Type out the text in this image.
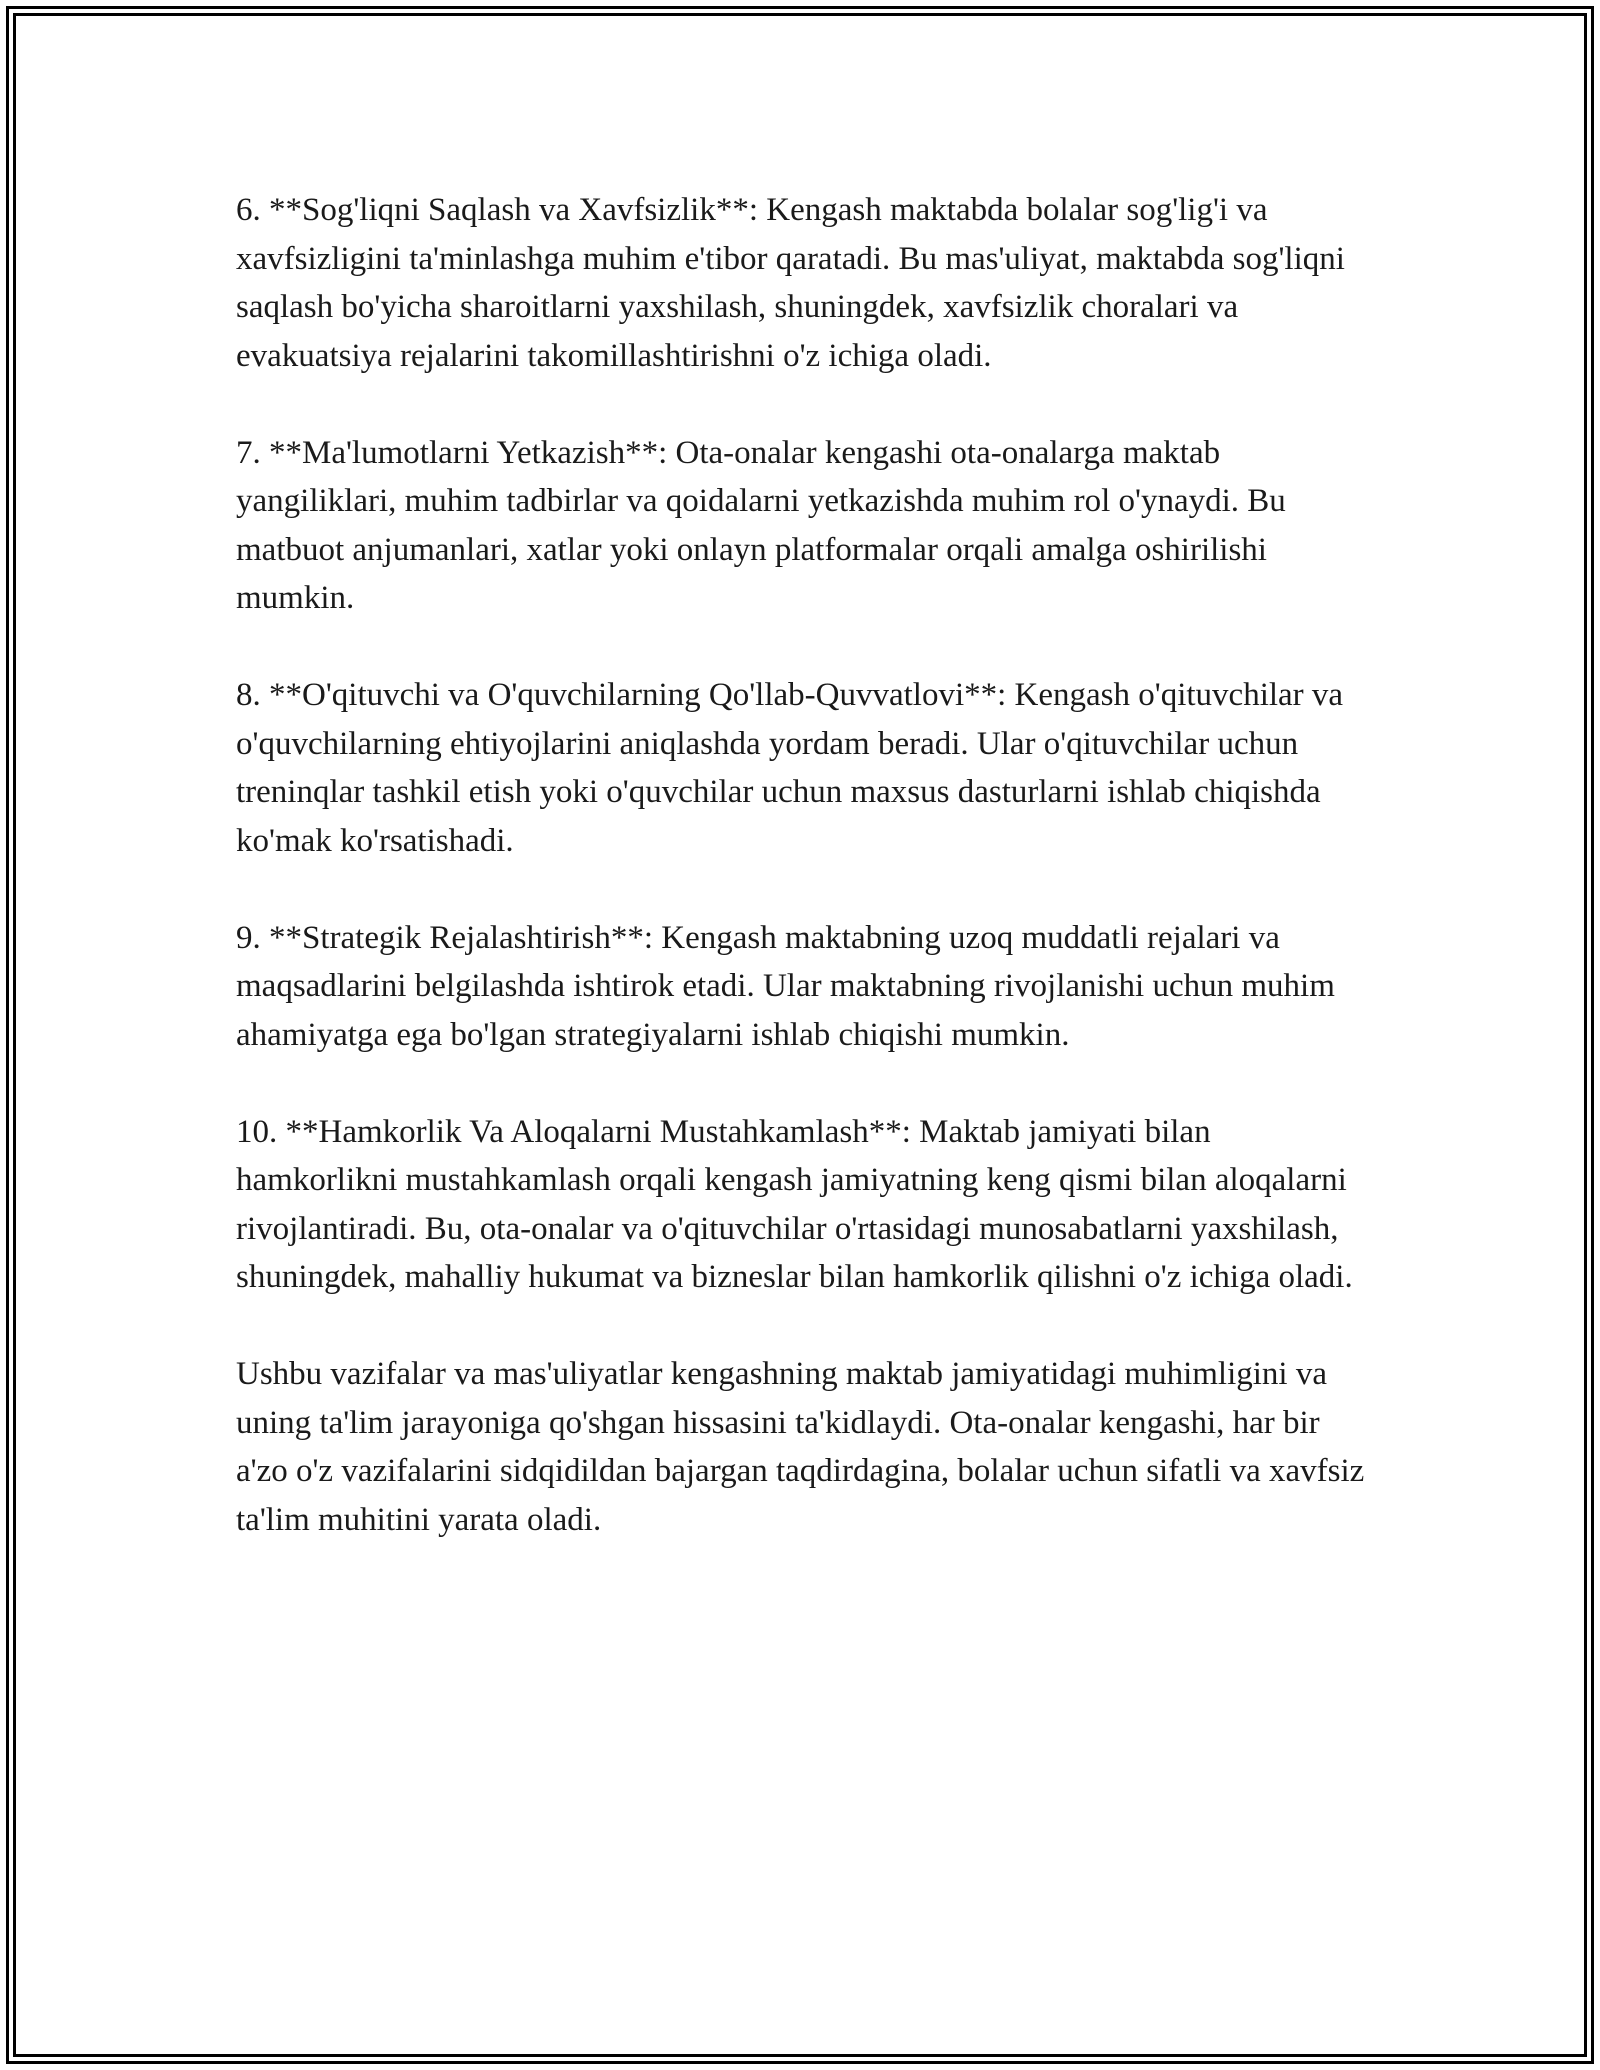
6. **Sog'liqni Saqlash va Xavfsizlik**: Kengash maktabda bolalar sog'lig'i va xavfsizligini ta'minlashga muhim e'tibor qaratadi. Bu mas'uliyat, maktabda sog'liqni saqlash bo'yicha sharoitlarni yaxshilash, shuningdek, xavfsizlik choralari va evakuatsiya rejalarini takomillashtirishni o'z ichiga oladi.

7. **Ma'lumotlarni Yetkazish**: Ota-onalar kengashi ota-onalarga maktab yangiliklari, muhim tadbirlar va qoidalarni yetkazishda muhim rol o'ynaydi. Bu matbuot anjumanlari, xatlar yoki onlayn platformalar orqali amalga oshirilishi mumkin.

8. **O'qituvchi va O'quvchilarning Qo'llab-Quvvatlovi**: Kengash o'qituvchilar va o'quvchilarning ehtiyojlarini aniqlashda yordam beradi. Ular o'qituvchilar uchun treninqlar tashkil etish yoki o'quvchilar uchun maxsus dasturlarni ishlab chiqishda ko'mak ko'rsatishadi.

9. **Strategik Rejalashtirish**: Kengash maktabning uzoq muddatli rejalari va maqsadlarini belgilashda ishtirok etadi. Ular maktabning rivojlanishi uchun muhim ahamiyatga ega bo'lgan strategiyalarni ishlab chiqishi mumkin.

10. **Hamkorlik Va Aloqalarni Mustahkamlash**: Maktab jamiyati bilan hamkorlikni mustahkamlash orqali kengash jamiyatning keng qismi bilan aloqalarni rivojlantiradi. Bu, ota-onalar va o'qituvchilar o'rtasidagi munosabatlarni yaxshilash, shuningdek, mahalliy hukumat va bizneslar bilan hamkorlik qilishni o'z ichiga oladi.

Ushbu vazifalar va mas'uliyatlar kengashning maktab jamiyatidagi muhimligini va uning ta'lim jarayoniga qo'shgan hissasini ta'kidlaydi. Ota-onalar kengashi, har bir a'zo o'z vazifalarini sidqidildan bajargan taqdirdagina, bolalar uchun sifatli va xavfsiz ta'lim muhitini yarata oladi.
